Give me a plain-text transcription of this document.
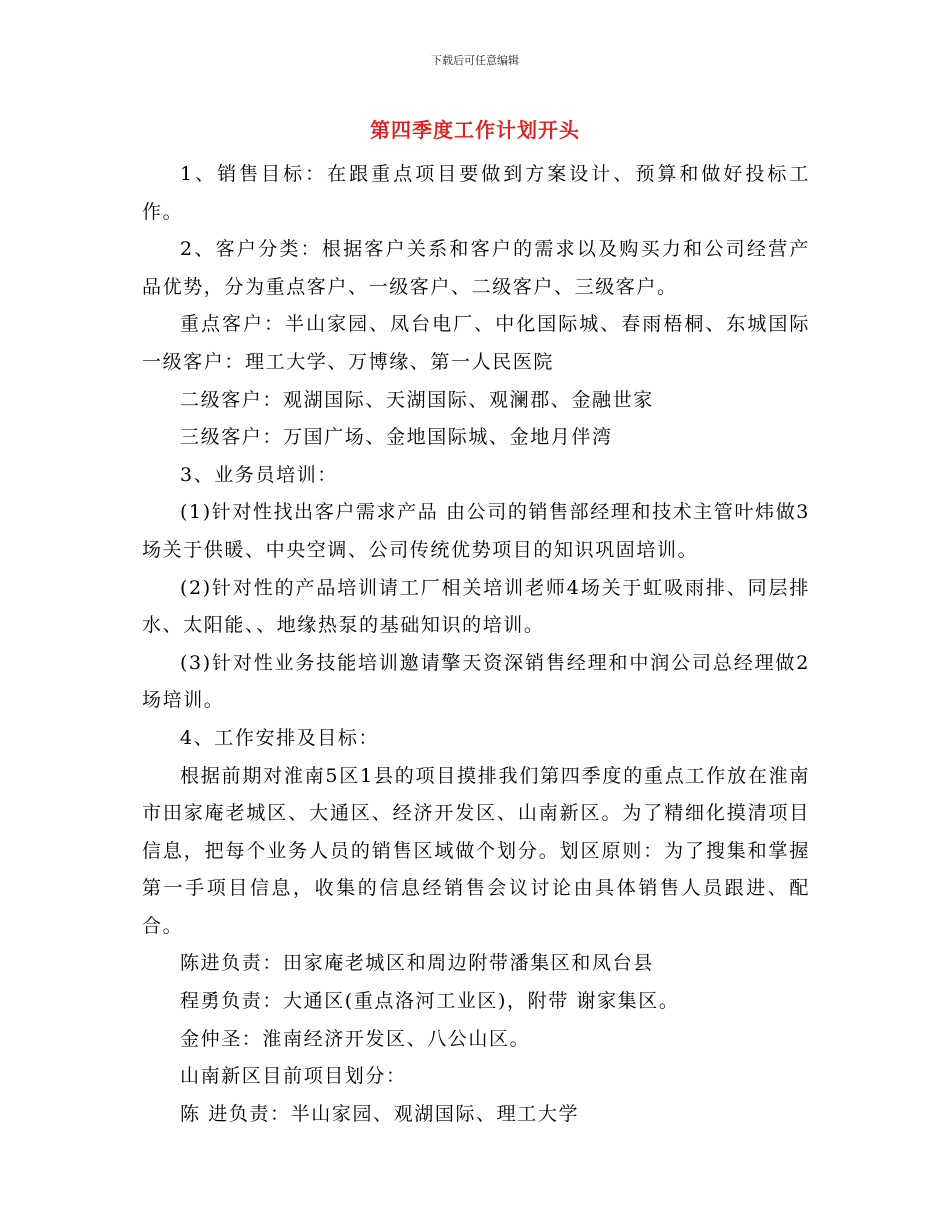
下载后可任意编辑
第四季度工作计划开头

1、销售目标：在跟重点项目要做到方案设计、预算和做好投标工作。

2、客户分类：根据客户关系和客户的需求以及购买力和公司经营产品优势，分为重点客户、一级客户、二级客户、三级客户。

重点客户：半山家园、凤台电厂、中化国际城、春雨梧桐、东城国际 一级客户：理工大学、万博缘、第一人民医院

二级客户：观湖国际、天湖国际、观澜郡、金融世家

三级客户：万国广场、金地国际城、金地月伴湾

3、业务员培训：

(1)针对性找出客户需求产品 由公司的销售部经理和技术主管叶炜做3场关于供暖、中央空调、公司传统优势项目的知识巩固培训。

(2)针对性的产品培训请工厂相关培训老师4场关于虹吸雨排、同层排水、太阳能、、地缘热泵的基础知识的培训。

(3)针对性业务技能培训邀请擎天资深销售经理和中润公司总经理做2场培训。

4、工作安排及目标：

根据前期对淮南5区1县的项目摸排我们第四季度的重点工作放在淮南市田家庵老城区、大通区、经济开发区、山南新区。为了精细化摸清项目信息，把每个业务人员的销售区域做个划分。划区原则：为了搜集和掌握第一手项目信息，收集的信息经销售会议讨论由具体销售人员跟进、配合。

陈进负责：田家庵老城区和周边附带潘集区和凤台县

程勇负责：大通区(重点洛河工业区)，附带 谢家集区。

金仲圣：淮南经济开发区、八公山区。

山南新区目前项目划分：

陈 进负责：半山家园、观湖国际、理工大学
